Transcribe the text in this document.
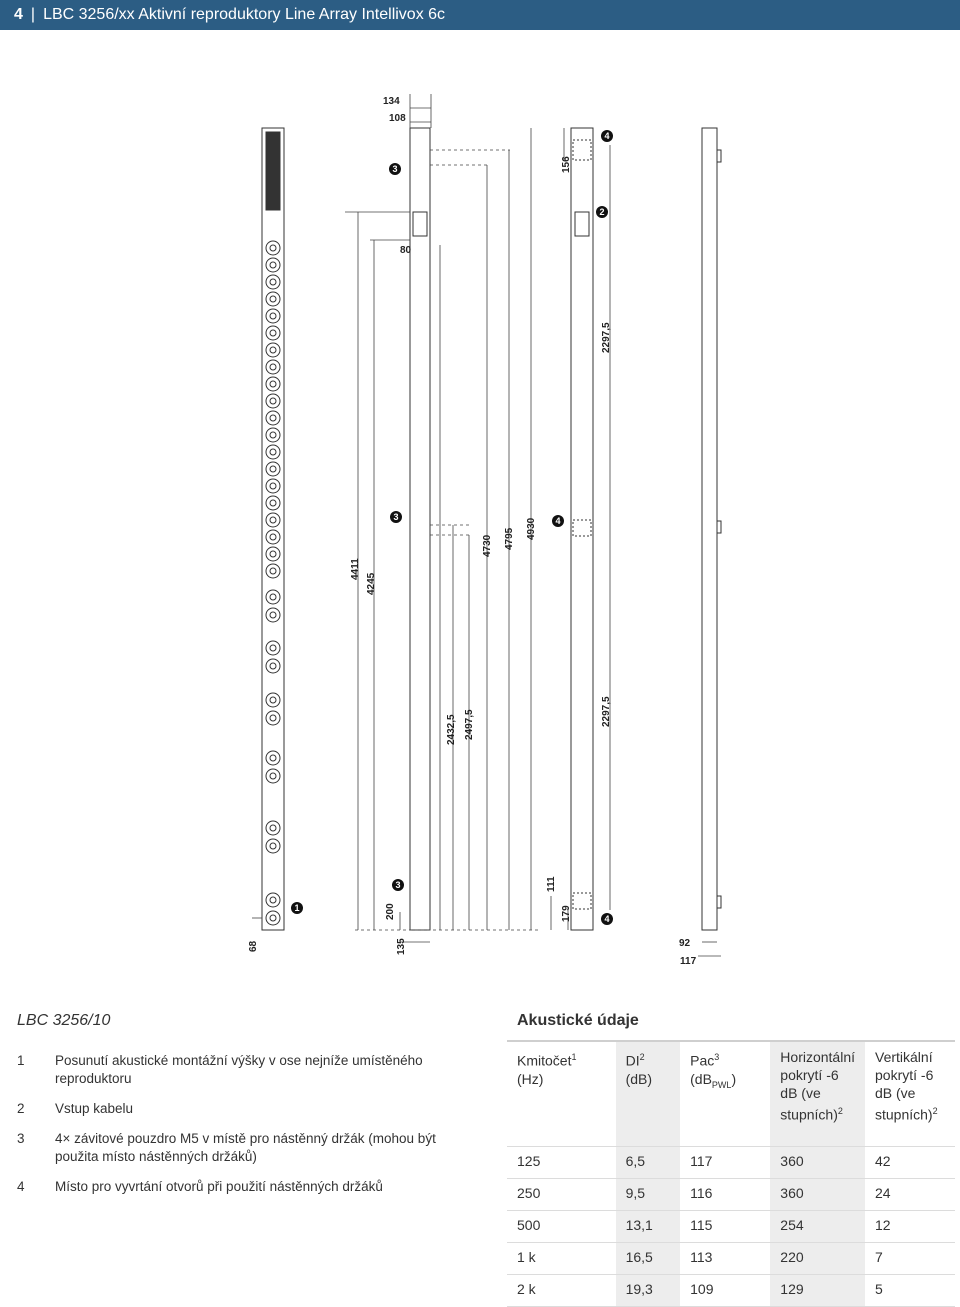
4 | LBC 3256/xx Aktivní reproduktory Line Array Intellivox 6c
134
108
80
156
2297,5
4411
4245
4730 4795 4930
2432,5 2497,5	2297,5
111
200	179
68	135	92
117
3
4
2
3	4
3
1
4
LBC 3256/10
1	Posunutí akustické montážní výšky v ose nejníže umístěného reproduktoru
2	Vstup kabelu
3	4× závitové pouzdro M5 v místě pro nástěnný držák (mohou být použita místo nástěnných držáků)
4	Místo pro vyvrtání otvorů při použití nástěnných držáků
Akustické údaje
Kmitočet$^1$
(Hz)	$DI^2$
(dB)	Pac$^3$
$(dB_{PWL})$	Horizontální pokrytí -6 dB (ve stupních)$^2$	Vertikální pokrytí -6 dB (ve stupních)$^2$
125	6,5	117	360	42
250	9,5	116	360	24
500	13,1	115	254	12
1 k	16,5	113	220	7
2 k	19,3	109	129	5
